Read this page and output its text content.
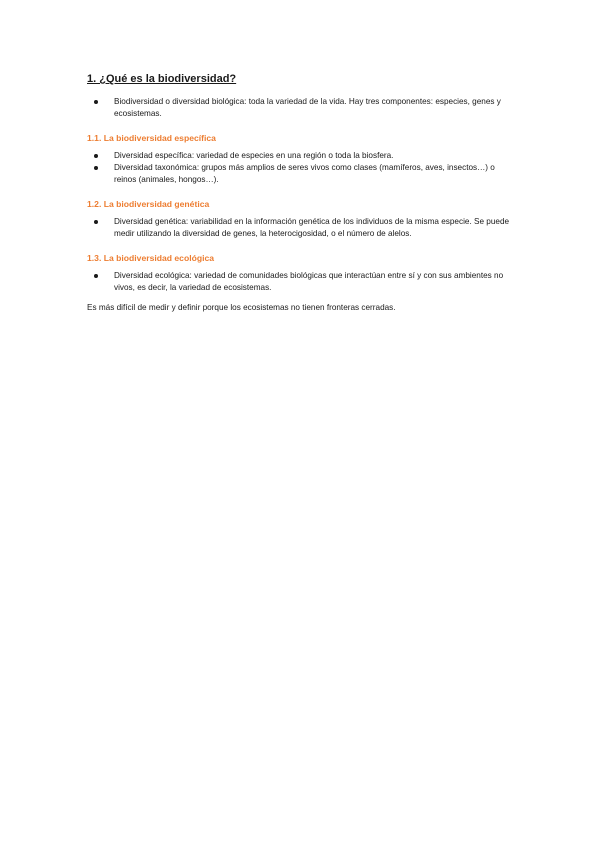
1. ¿Qué es la biodiversidad?
Biodiversidad o diversidad biológica: toda la variedad de la vida. Hay tres componentes: especies, genes y ecosistemas.
1.1. La biodiversidad específica
Diversidad específica: variedad de especies en una región o toda la biosfera.
Diversidad taxonómica: grupos más amplios de seres vivos como clases (mamíferos, aves, insectos…) o reinos (animales, hongos…).
1.2. La biodiversidad genética
Diversidad genética: variabilidad en la información genética de los individuos de la misma especie. Se puede medir utilizando la diversidad de genes, la heterocigosidad, o el número de alelos.
1.3. La biodiversidad ecológica
Diversidad ecológica: variedad de comunidades biológicas que interactúan entre sí y con sus ambientes no vivos, es decir, la variedad de ecosistemas.
Es más difícil de medir y definir porque los ecosistemas no tienen fronteras cerradas.
